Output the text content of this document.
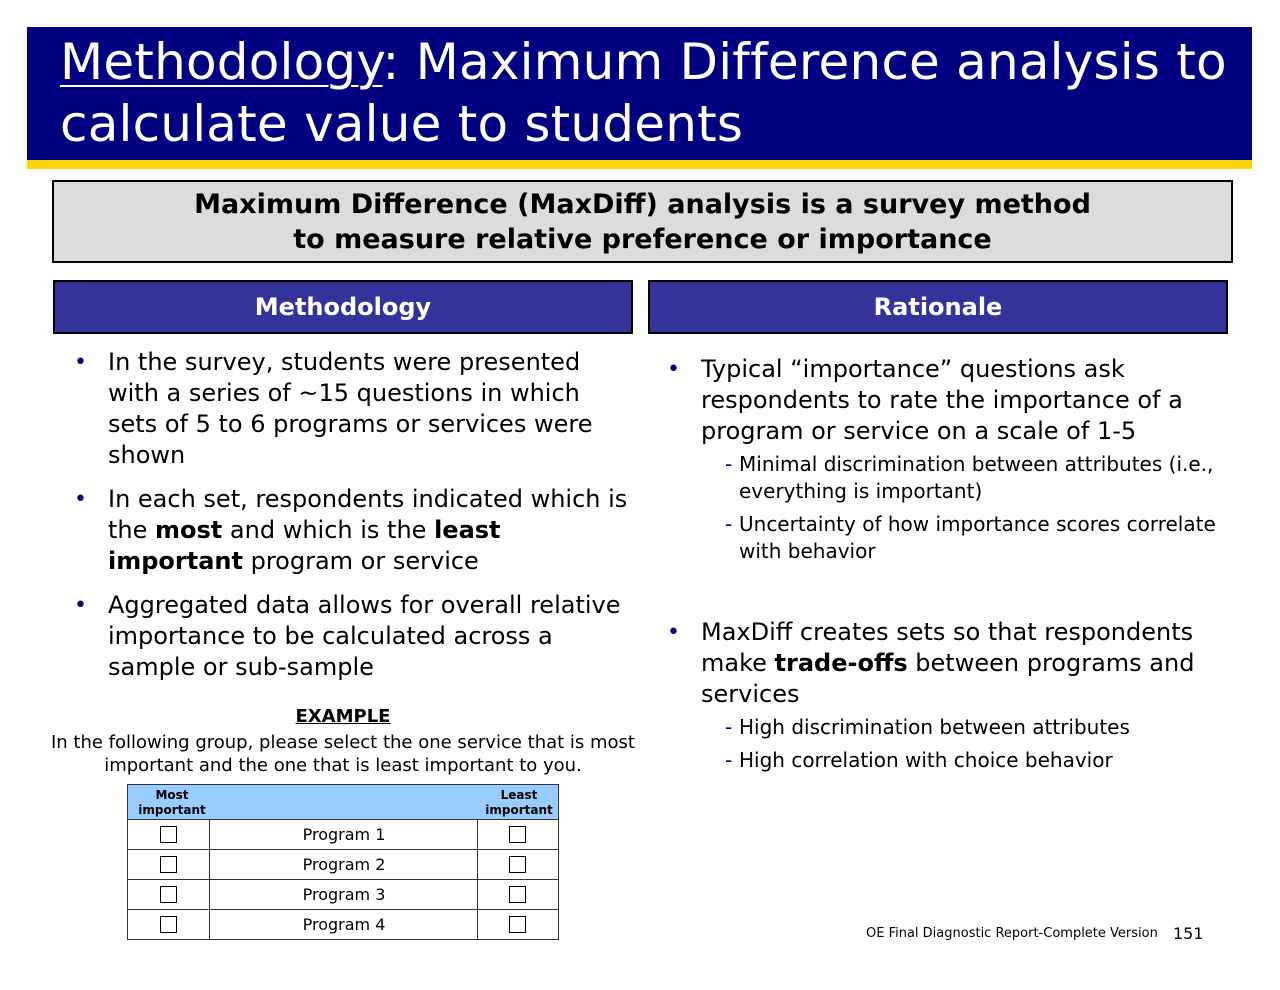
Methodology: Maximum Difference analysis to calculate value to students
Maximum Difference (MaxDiff) analysis is a survey method
to measure relative preference or importance
Methodology	Rationale
• In the survey, students were presented with a series of ~15 questions in which sets of 5 to 6 programs or services were shown
• In each set, respondents indicated which is the most and which is the least important program or service
• Aggregated data allows for overall relative importance to be calculated across a sample or sub-sample
• Typical “importance” questions ask respondents to rate the importance of a program or service on a scale of 1-5
- Minimal discrimination between attributes (i.e., everything is important)
- Uncertainty of how importance scores correlate with behavior
• MaxDiff creates sets so that respondents make trade-offs between programs and services
- High discrimination between attributes
- High correlation with choice behavior
EXAMPLE
In the following group, please select the one service that is most important and the one that is least important to you.
Most important
Least important
Program 1
Program 2
Program 3
Program 4	OE Final Diagnostic Report-Complete Version 151
